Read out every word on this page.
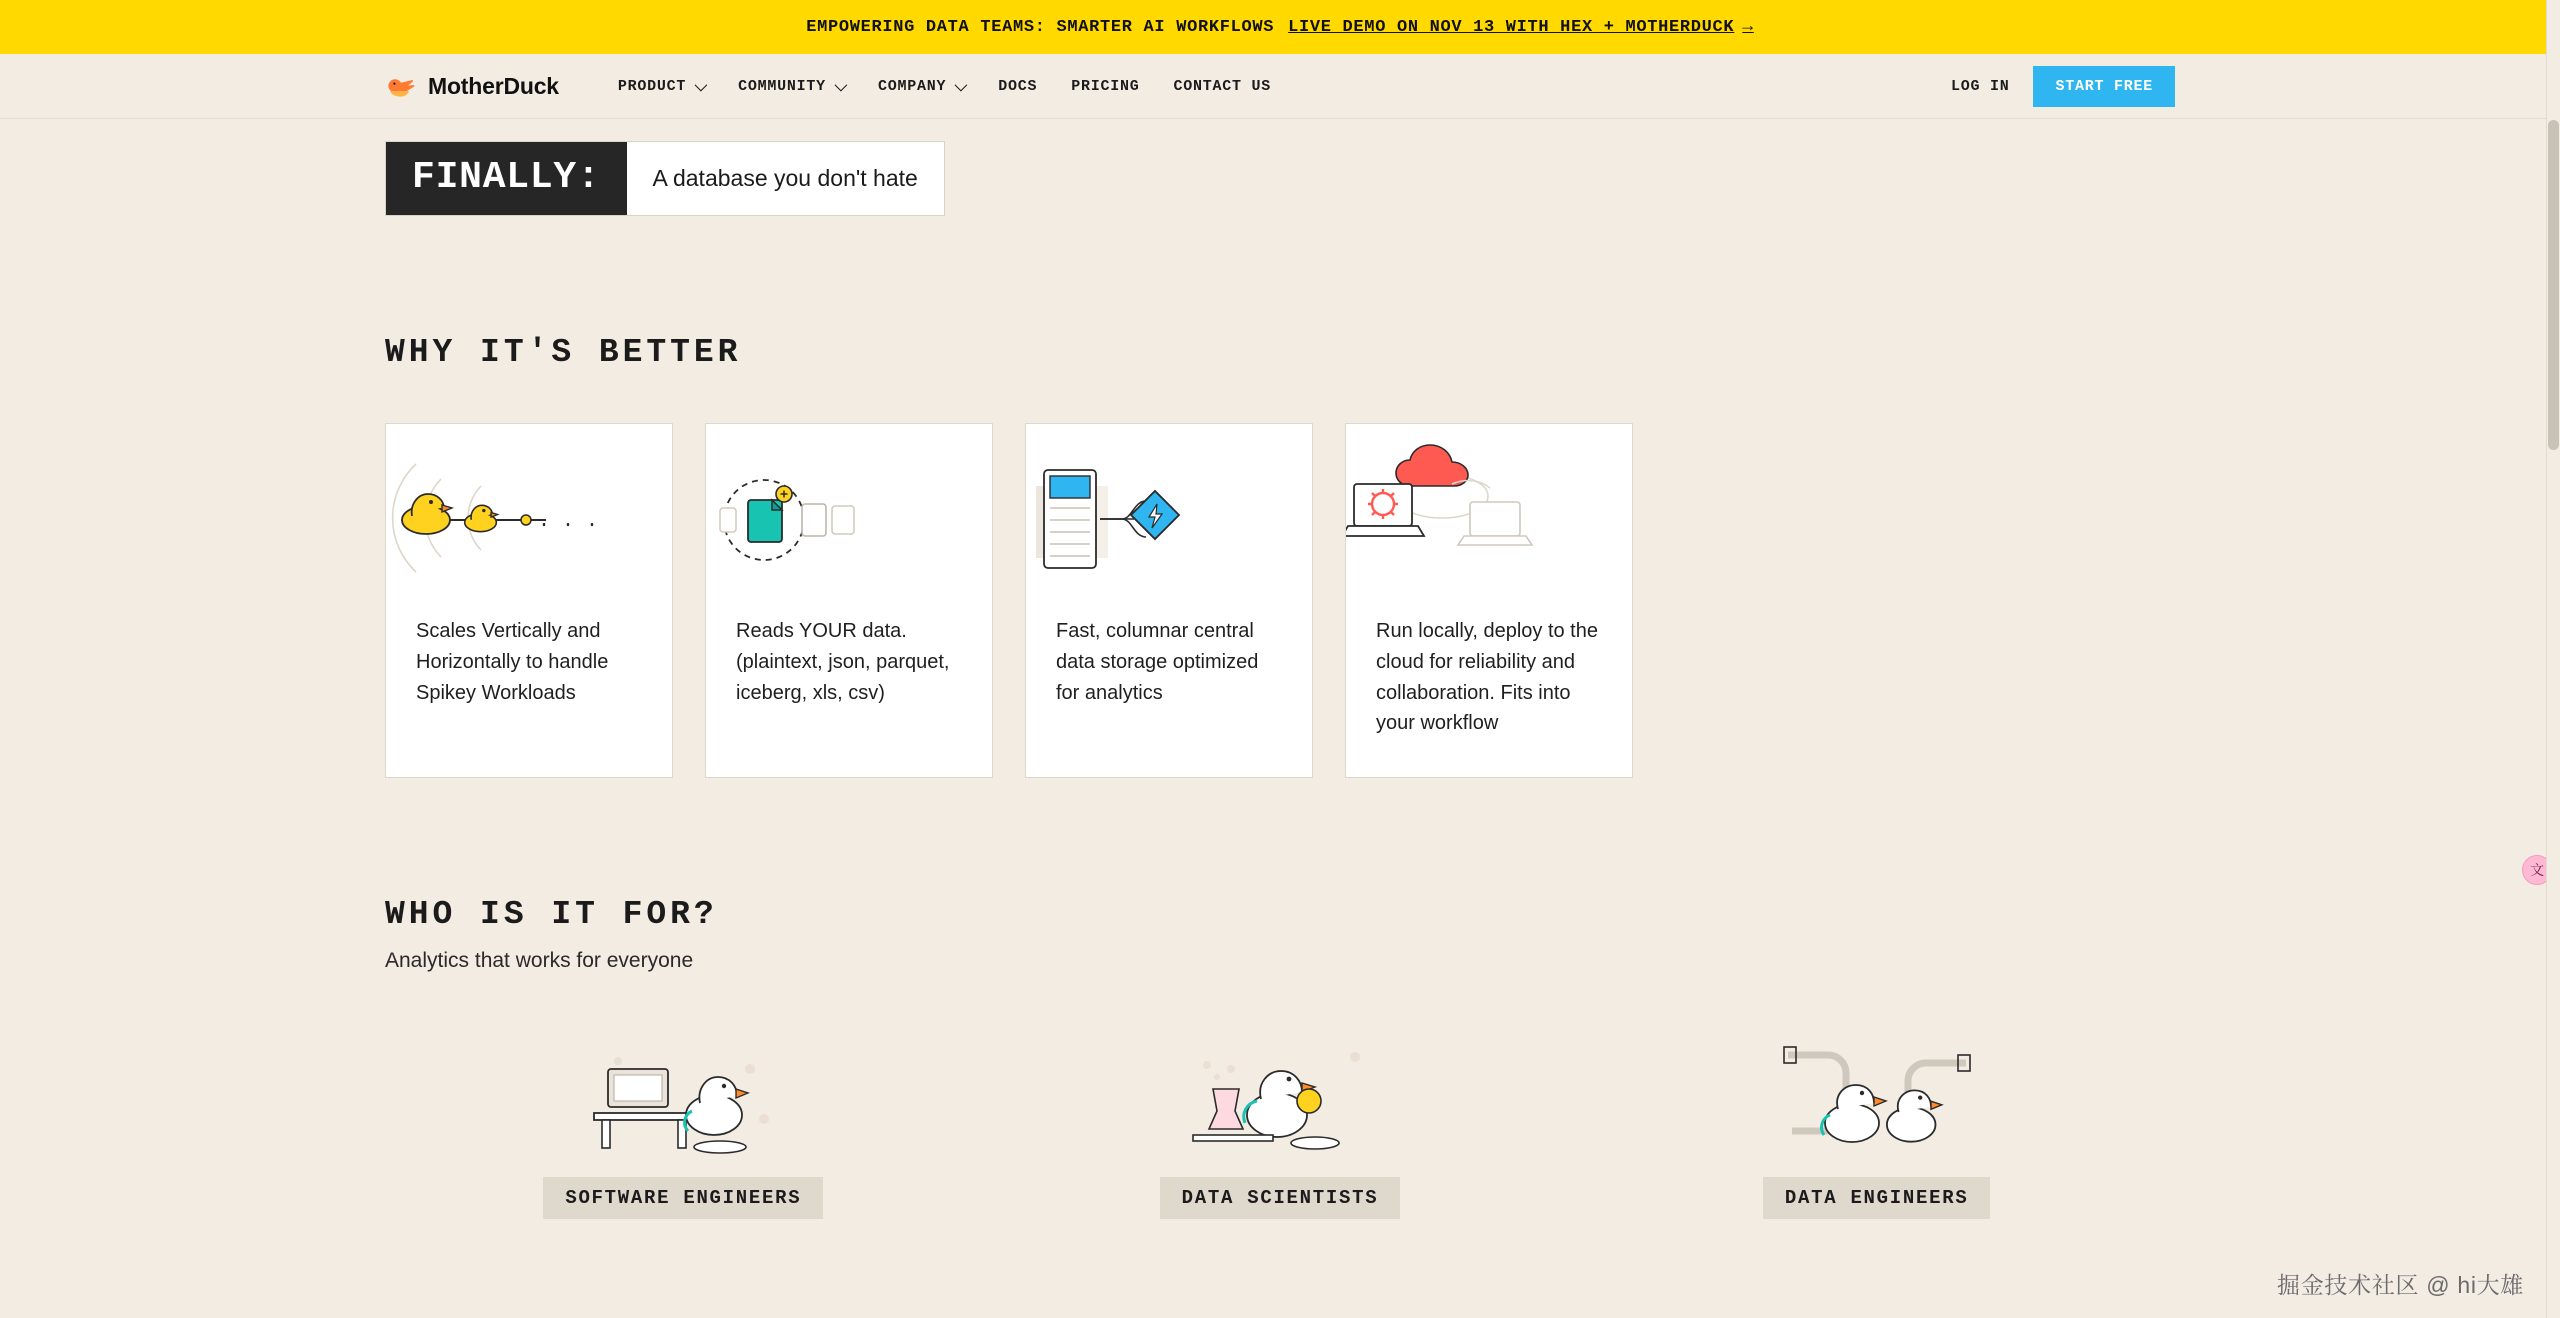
EMPOWERING DATA TEAMS: SMARTER AI WORKFLOWS LIVE DEMO ON NOV 13 WITH HEX + MOTHERDUCK →
MotherDuck	PRODUCT	COMMUNITY	COMPANY	DOCS PRICING CONTACT US	LOG IN	START FREE
FINALLY:	A database you don't hate
WHY IT'S BETTER
. . .
Scales Vertically and Horizontally to handle Spikey Workloads
Reads YOUR data. (plaintext, json, parquet, iceberg, xls, csv)
Fast, columnar central data storage optimized for analytics
Run locally, deploy to the cloud for reliability and collaboration. Fits into your workflow
WHO IS IT FOR?
Analytics that works for everyone
SOFTWARE ENGINEERS	DATA SCIENTISTS	DATA ENGINEERS
文
掘金技术社区 @ hi大雄
